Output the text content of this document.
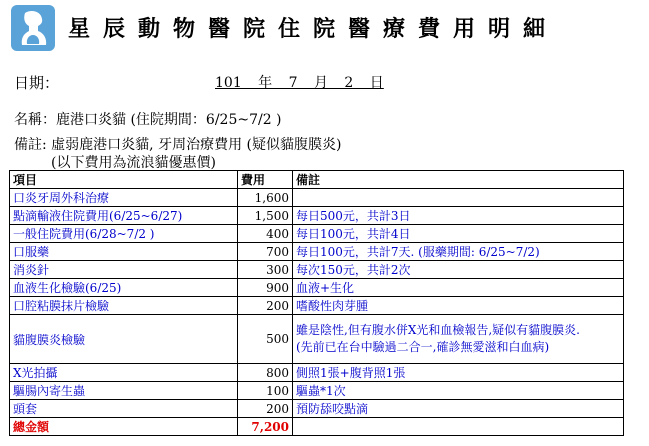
星辰動物醫院住院醫療費用明細
日期：	101 年 7 月 2 日
名稱：鹿港口炎貓 (住院期間：6/25~7/2 )
備註: 虛弱鹿港口炎貓, 牙周治療費用 (疑似貓腹膜炎)
(以下費用為流浪貓優惠價)
項目	費用	備註
口炎牙周外科治療	1,600	
點滴輸液住院費用(6/25~6/27)	1,500	每日500元，共計3日
一般住院費用(6/28~7/2 )	400	每日100元，共計4日
口服藥	700	每日100元，共計7天. (服藥期間: 6/25~7/2)
消炎針	300	每次150元，共計2次
血液生化檢驗(6/25)	900	血液+生化
口腔粘膜抹片檢驗	200	嗜酸性肉芽腫
貓腹膜炎檢驗	500	雖是陰性,但有腹水併X光和血檢報告,疑似有貓腹膜炎.
(先前已在台中驗過二合一,確診無愛滋和白血病)

X光拍攝	800	側照1張+腹背照1張
驅腸內寄生蟲	100	驅蟲*1次
頭套	200	預防舔咬點滴
總金額	7,200	
